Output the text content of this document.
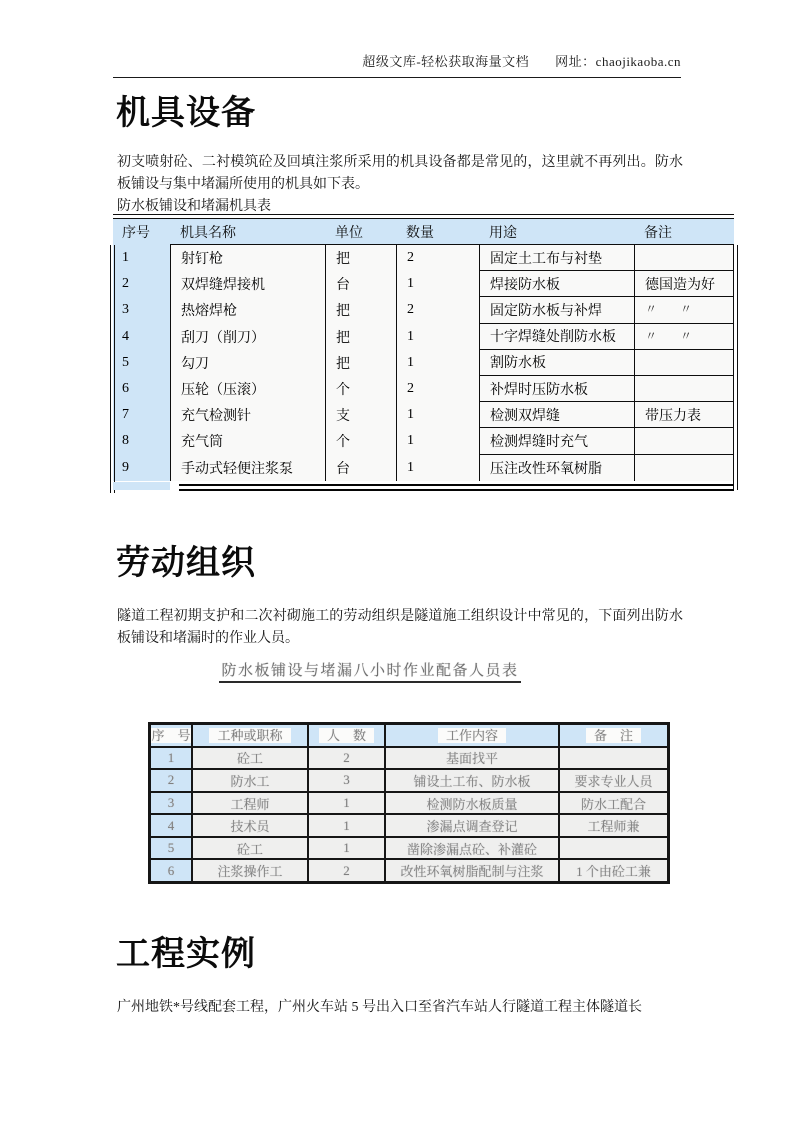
超级文库-轻松获取海量文档 网址：chaojikaoba.cn
机具设备
初支喷射砼、二衬模筑砼及回填注浆所采用的机具设备都是常见的，这里就不再列出。防水板铺设与集中堵漏所使用的机具如下表。
防水板铺设和堵漏机具表
序号	机具名称	单位	数量	用途	备注
1	射钉枪	把	2	固定土工布与衬垫
2	双焊缝焊接机	台	1	焊接防水板	德国造为好
3	热熔焊枪	把	2	固定防水板与补焊	〃 〃
4	刮刀（削刀）	把	1	十字焊缝处削防水板	〃 〃
5	勾刀	把	1	割防水板
6	压轮（压滚）	个	2	补焊时压防水板
7	充气检测针	支	1	检测双焊缝	带压力表
8	充气筒	个	1	检测焊缝时充气
9	手动式轻便注浆泵	台	1	压注改性环氧树脂
劳动组织
隧道工程初期支护和二次衬砌施工的劳动组织是隧道施工组织设计中常见的，下面列出防水板铺设和堵漏时的作业人员。
防水板铺设与堵漏八小时作业配备人员表
序　号	工种或职称	人　数	工作内容	备　注
1	砼工	2	基面找平
2	防水工	3	铺设土工布、防水板	要求专业人员
3	工程师	1	检测防水板质量	防水工配合
4	技术员	1	渗漏点调查登记	工程师兼
5	砼工	1	凿除渗漏点砼、补灌砼
6	注浆操作工	2	改性环氧树脂配制与注浆	1 个由砼工兼
工程实例
广州地铁*号线配套工程，广州火车站 5 号出入口至省汽车站人行隧道工程主体隧道长
